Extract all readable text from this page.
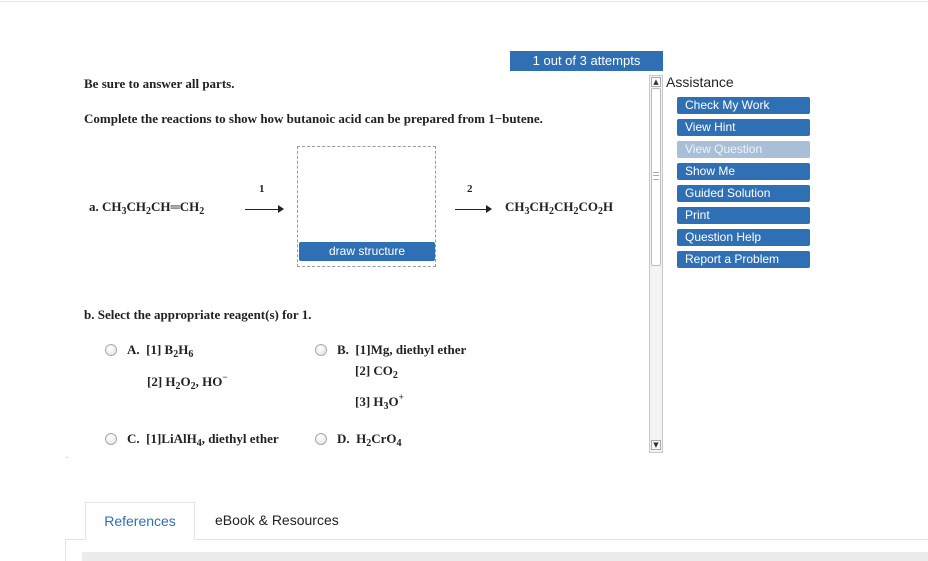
1 out of 3 attempts
Be sure to answer all parts.
Complete the reactions to show how butanoic acid can be prepared from 1−butene.
a. $CH_3CH_2CH═CH_2$
1
draw structure
2
$CH_3CH_2CH_2CO_2H$
b. Select the appropriate reagent(s) for 1.
A. [1] $B_2H_6$
[2] $H_2O_2$, HO−
B. [1]Mg, diethyl ether
[2] $CO_2$
[3] $H_3O^+$
C. [1]LiAlH$_4$, diethyl ether	D. $H_2CrO_4$
▲
▼
Assistance
Check My Work
View Hint
View Question
Show Me
Guided Solution
Print
Question Help
Report a Problem
References	eBook & Resources
